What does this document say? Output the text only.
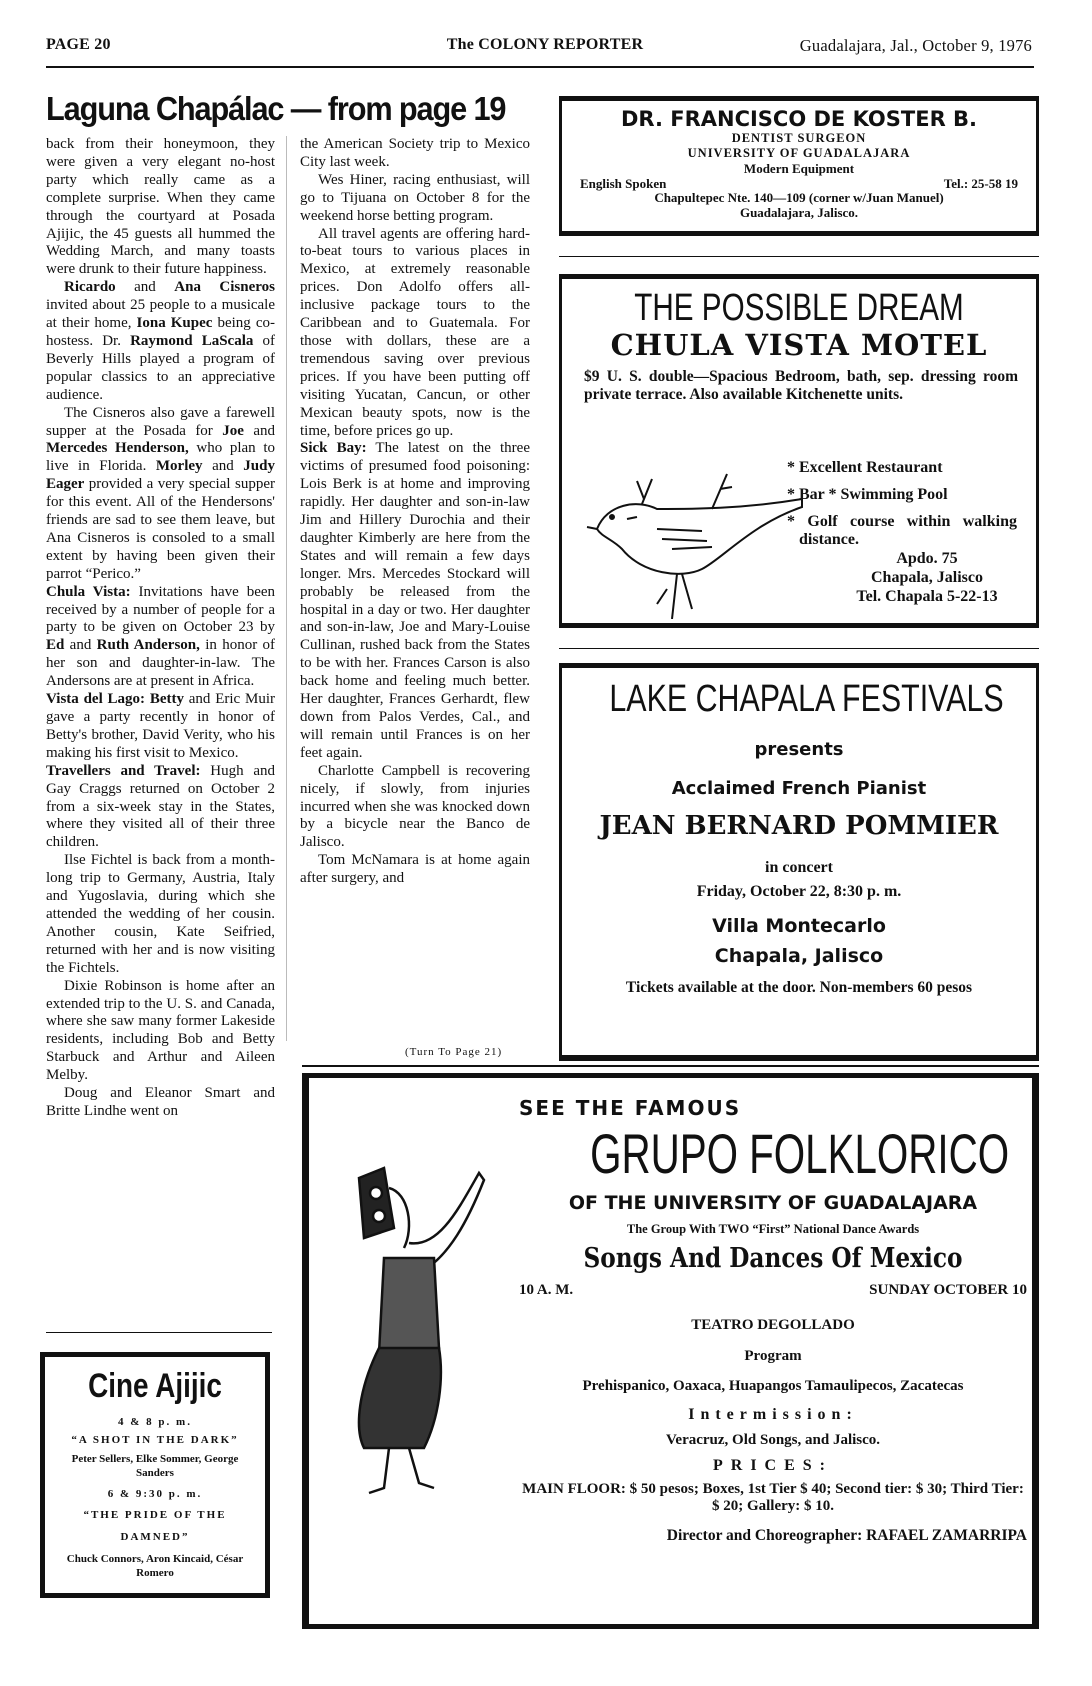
PAGE 20	The COLONY REPORTER	Guadalajara, Jal., October 9, 1976
Laguna Chapálac — from page 19

back from their honeymoon, they were given a very elegant no-host party which really came as a complete surprise. When they came through the courtyard at Posada Ajijic, the 45 guests all hummed the Wedding March, and many toasts were drunk to their future happiness.

Ricardo and Ana Cisneros invited about 25 people to a musicale at their home, Iona Kupec being co-hostess. Dr. Raymond LaScala of Beverly Hills played a program of popular classics to an appreciative audience.

The Cisneros also gave a farewell supper at the Posada for Joe and Mercedes Henderson, who plan to live in Florida. Morley and Judy Eager provided a very special supper for this event. All of the Hendersons' friends are sad to see them leave, but Ana Cisneros is consoled to a small extent by having been given their parrot “Perico.”

Chula Vista: Invitations have been received by a number of people for a party to be given on October 23 by Ed and Ruth Anderson, in honor of her son and daughter-in-law. The Andersons are at present in Africa.

Vista del Lago: Betty and Eric Muir gave a party recently in honor of Betty's brother, David Verity, who his making his first visit to Mexico.

Travellers and Travel: Hugh and Gay Craggs returned on October 2 from a six-week stay in the States, where they visited all of their three children.

Ilse Fichtel is back from a month-long trip to Germany, Austria, Italy and Yugoslavia, during which she attended the wedding of her cousin. Another cousin, Kate Seifried, returned with her and is now visiting the Fichtels.

Dixie Robinson is home after an extended trip to the U. S. and Canada, where she saw many former Lakeside residents, including Bob and Betty Starbuck and Arthur and Aileen Melby.

Doug and Eleanor Smart and Britte Lindhe went on

the American Society trip to Mexico City last week.

Wes Hiner, racing enthusiast, will go to Tijuana on October 8 for the weekend horse betting program.

All travel agents are offering hard-to-beat tours to various places in Mexico, at extremely reasonable prices. Don Adolfo offers all-inclusive package tours to the Caribbean and to Guatemala. For those with dollars, these are a tremendous saving over previous prices. If you have been putting off visiting Yucatan, Cancun, or other Mexican beauty spots, now is the time, before prices go up.

Sick Bay: The latest on the three victims of presumed food poisoning: Lois Berk is at home and improving rapidly. Her daughter and son-in-law Jim and Hillery Durochia and their daughter Kimberly are here from the States and will remain a few days longer. Mrs. Mercedes Stockard will probably be released from the hospital in a day or two. Her daughter and son-in-law, Joe and Mary-Louise Cullinan, rushed back from the States to be with her. Frances Carson is also back home and feeling much better. Her daughter, Frances Gerhardt, flew down from Palos Verdes, Cal., and will remain until Frances is on her feet again.

Charlotte Campbell is recovering nicely, if slowly, from injuries incurred when she was knocked down by a bicycle near the Banco de Jalisco.

Tom McNamara is at home again after surgery, and

(Turn To Page 21)
DR. FRANCISCO DE KOSTER B.
DENTIST SURGEON
UNIVERSITY OF GUADALAJARA
Modern Equipment
English Spoken	Tel.: 25-58 19
Chapultepec Nte. 140—109 (corner w/Juan Manuel)
Guadalajara, Jalisco.
THE POSSIBLE DREAM
CHULA VISTA MOTEL
$9 U. S. double—Spacious Bedroom, bath, sep. dressing room private terrace. Also available Kitchenette units.
* Excellent Restaurant
* Bar * Swimming Pool
* Golf course within walking distance.
Apdo. 75
Chapala, Jalisco
Tel. Chapala 5-22-13
LAKE CHAPALA FESTIVALS
presents
Acclaimed French Pianist
JEAN BERNARD POMMIER
in concert
Friday, October 22, 8:30 p. m.
Villa Montecarlo
Chapala, Jalisco
Tickets available at the door. Non-members 60 pesos
Cine Ajijic
4 & 8 p. m.
“A SHOT IN THE DARK”
Peter Sellers, Elke Sommer, George Sanders
6 & 9:30 p. m.
“THE PRIDE OF THE DAMNED”
Chuck Connors, Aron Kincaid, César Romero
SEE THE FAMOUS
GRUPO FOLKLORICO
OF THE UNIVERSITY OF GUADALAJARA
The Group With TWO “First” National Dance Awards
Songs And Dances Of Mexico
10 A. M.	SUNDAY OCTOBER 10
TEATRO DEGOLLADO
Program
Prehispanico, Oaxaca, Huapangos Tamaulipecos, Zacatecas
Intermission:
Veracruz, Old Songs, and Jalisco.
PRICES:
MAIN FLOOR: $ 50 pesos; Boxes, 1st Tier $ 40; Second tier: $ 30; Third Tier: $ 20; Gallery: $ 10.
Director and Choreographer: RAFAEL ZAMARRIPA
